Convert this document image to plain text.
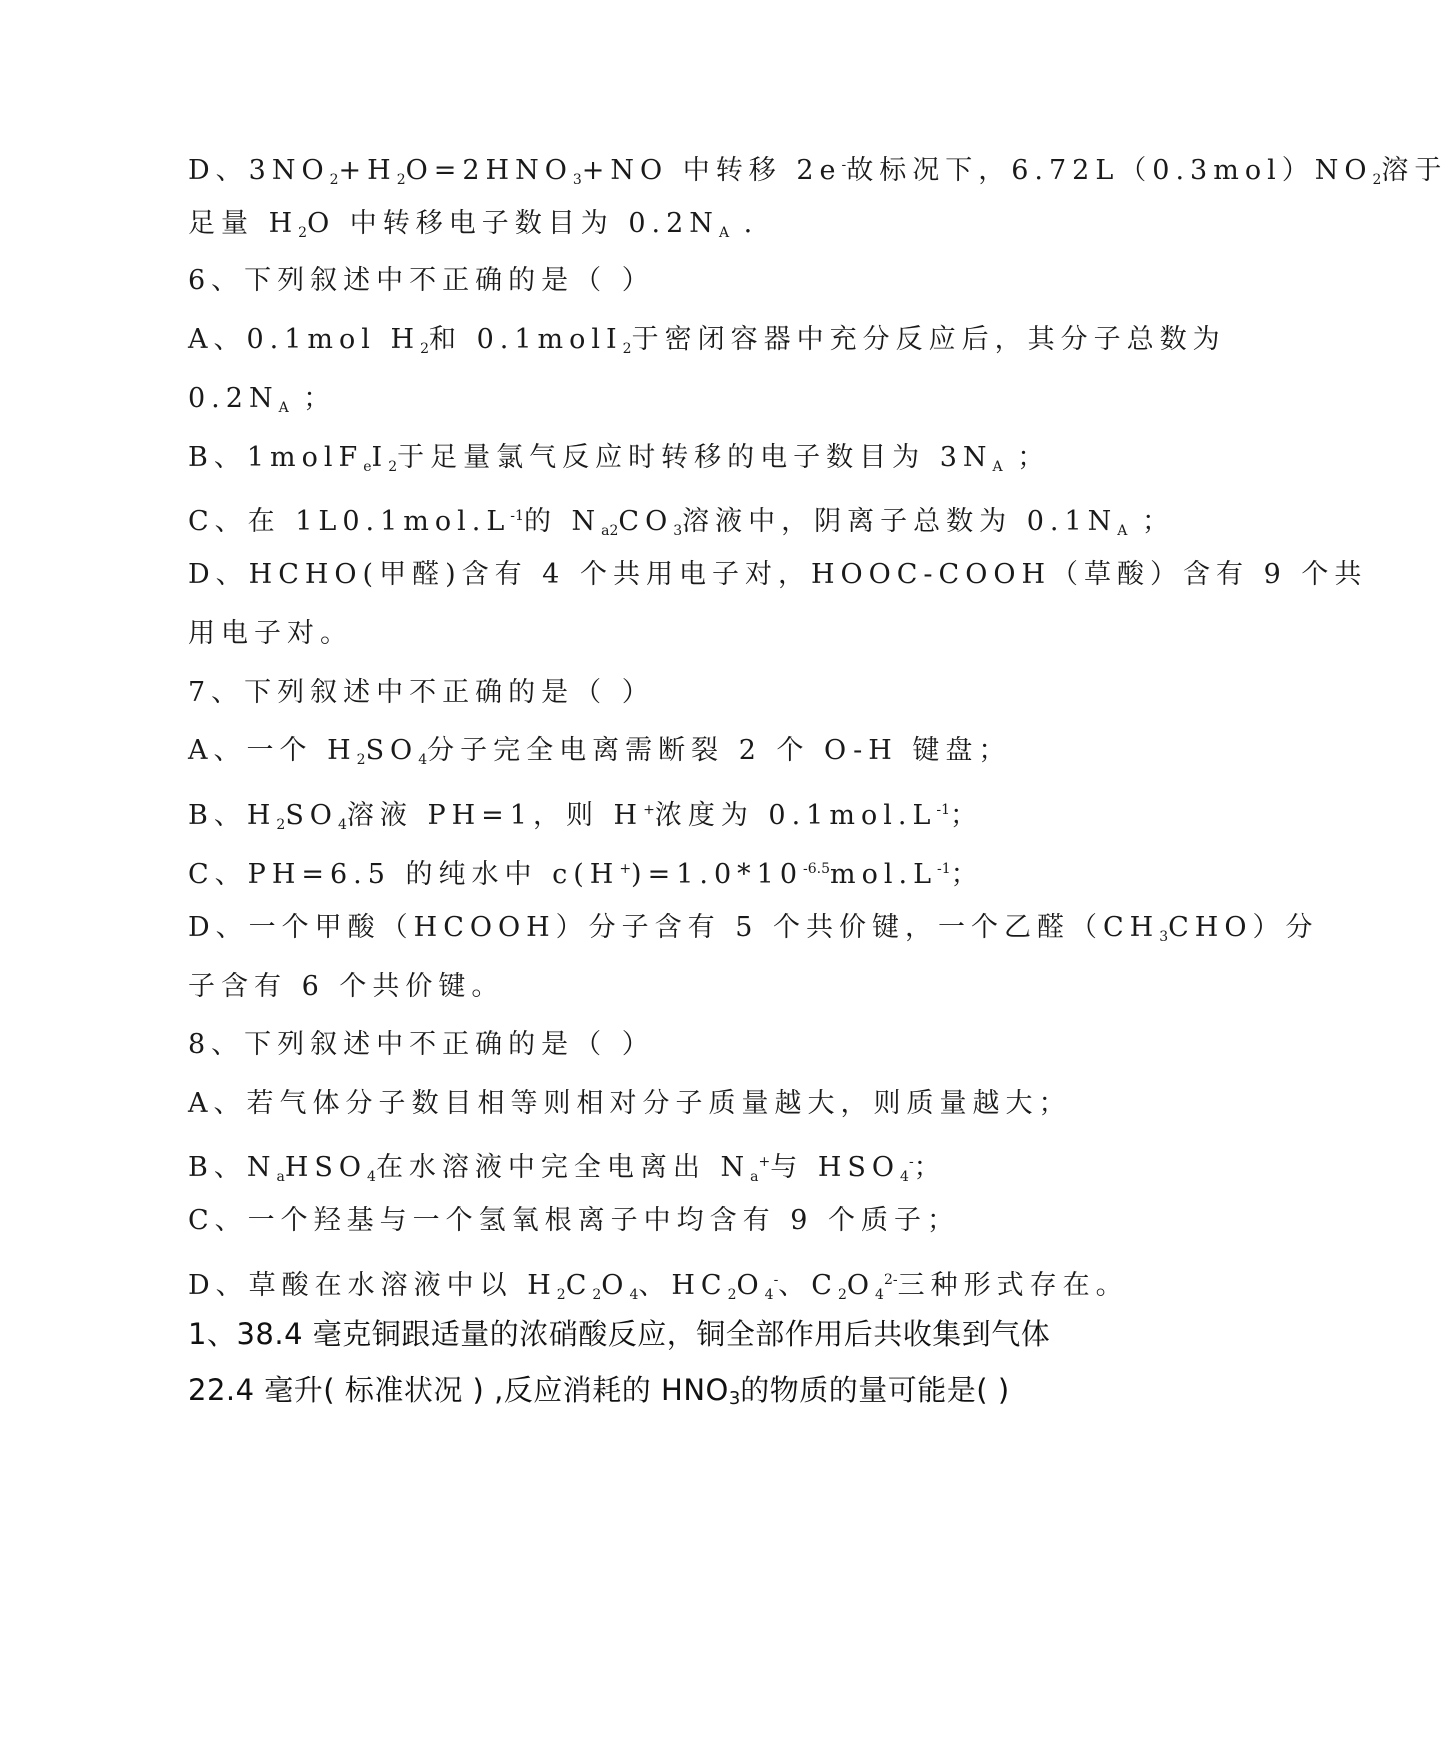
D、$3NO_2+H_2O=2HNO_3+NO$ 中转移 2e-故标况下，$6.72L(0.3mol)NO_2$溶于
足量 $H_2O$ 中转移电子数目为 $0.2N_A$ .
6、下列叙述中不正确的是（ ）
A、0.1mol $H_2$和 0.1molI$_2$于密闭容器中充分反应后，其分子总数为
$0.2N_A$ ；
B、$1molF_eI_2$于足量氯气反应时转移的电子数目为 $3N_A$ ；
C、在 $1L0.1mol.L^{-1}$的 $N_{a2}CO_3$溶液中，阴离子总数为 $0.1N_A$ ；
D、HCHO(甲醛)含有 4 个共用电子对，HOOC-COOH（草酸）含有 9 个共
用电子对。
7、下列叙述中不正确的是（ ）
A、一个 $H_2SO_4$分子完全电离需断裂 2 个 O-H 键盘；
B、$H_2SO_4$溶液 PH=1，则 H+浓度为 $0.1mol.L^{-1}$；
C、PH=6.5 的纯水中 $c(H^+)=1.0*10^{-6.5}mol.L^{-1}$；
D、一个甲酸（HCOOH）分子含有 5 个共价键，一个乙醛$(CH_3CHO)$分
子含有 6 个共价键。
8、下列叙述中不正确的是（ ）
A、若气体分子数目相等则相对分子质量越大，则质量越大；
B、$N_aHSO_4$在水溶液中完全电离出 $N_a^+$与 $HSO_4^-$；
C、一个羟基与一个氢氧根离子中均含有 9 个质子；
D、草酸在水溶液中以 $H_2C_2O_4$、$HC_2O_4^-$、$C_2O_4^{2-}$三种形式存在。
1、38.4 毫克铜跟适量的浓硝酸反应，铜全部作用后共收集到气体
22.4 毫升( 标准状况 ) ,反应消耗的 $HNO_3$的物质的量可能是( )
